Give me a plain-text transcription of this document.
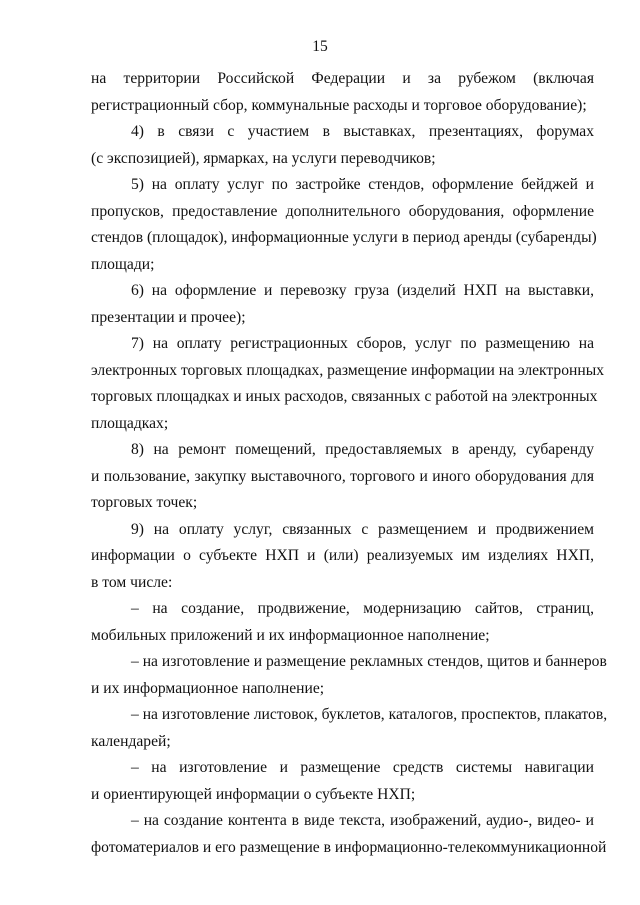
15
на территории Российской Федерации и за рубежом (включая
регистрационный сбор, коммунальные расходы и торговое оборудование);
4) в связи с участием в выставках, презентациях, форумах
(с экспозицией), ярмарках, на услуги переводчиков;
5) на оплату услуг по застройке стендов, оформление бейджей и
пропусков, предоставление дополнительного оборудования, оформление
стендов (площадок), информационные услуги в период аренды (субаренды)
площади;
6) на оформление и перевозку груза (изделий НХП на выставки,
презентации и прочее);
7) на оплату регистрационных сборов, услуг по размещению на
электронных торговых площадках, размещение информации на электронных
торговых площадках и иных расходов, связанных с работой на электронных
площадках;
8) на ремонт помещений, предоставляемых в аренду, субаренду
и пользование, закупку выставочного, торгового и иного оборудования для
торговых точек;
9) на оплату услуг, связанных с размещением и продвижением
информации о субъекте НХП и (или) реализуемых им изделиях НХП,
в том числе:
– на создание, продвижение, модернизацию сайтов, страниц,
мобильных приложений и их информационное наполнение;
– на изготовление и размещение рекламных стендов, щитов и баннеров
и их информационное наполнение;
– на изготовление листовок, буклетов, каталогов, проспектов, плакатов,
календарей;
– на изготовление и размещение средств системы навигации
и ориентирующей информации о субъекте НХП;
– на создание контента в виде текста, изображений, аудио-, видео- и
фотоматериалов и его размещение в информационно-телекоммуникационной
